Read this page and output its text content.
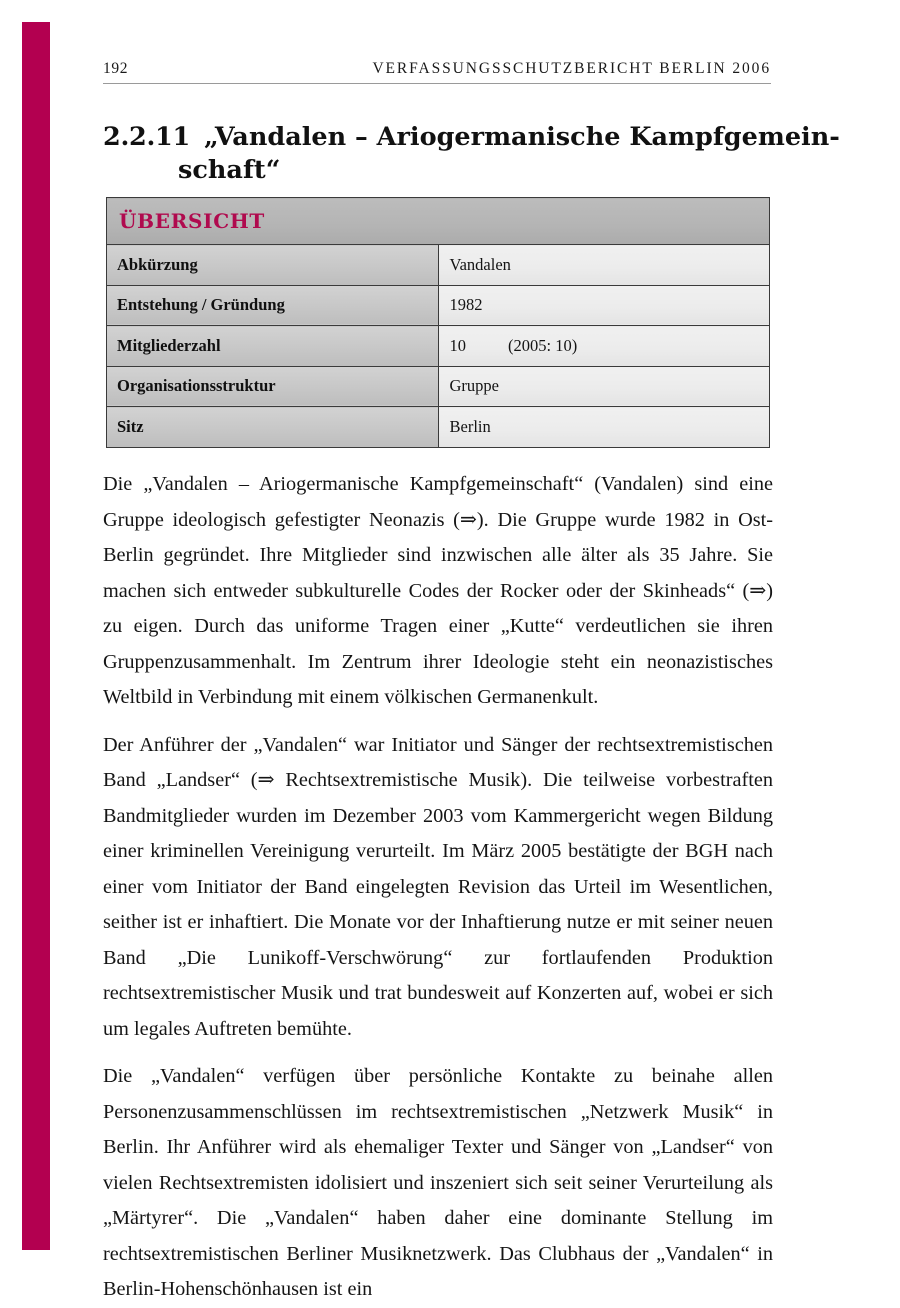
192	VERFASSUNGSSCHUTZBERICHT BERLIN 2006
2.2.11 „Vandalen – Ariogermanische Kampfgemein-schaft“
ÜBERSICHT	
Abkürzung	Vandalen
Entstehung / Gründung	1982
Mitgliederzahl	10 (2005: 10)
Organisationsstruktur	Gruppe
Sitz	Berlin

Die „Vandalen – Ariogermanische Kampfgemeinschaft“ (Vandalen) sind eine Gruppe ideologisch gefestigter Neonazis (⇒). Die Gruppe wurde 1982 in Ost-Berlin gegründet. Ihre Mitglieder sind inzwischen alle älter als 35 Jahre. Sie machen sich entweder subkulturelle Codes der Rocker oder der Skinheads“ (⇒) zu eigen. Durch das uniforme Tragen einer „Kutte“ verdeutlichen sie ihren Gruppenzusammenhalt. Im Zentrum ihrer Ideologie steht ein neonazistisches Weltbild in Verbindung mit einem völkischen Germanenkult.

Der Anführer der „Vandalen“ war Initiator und Sänger der rechtsextremistischen Band „Landser“ (⇒ Rechtsextremistische Musik). Die teilweise vorbestraften Bandmitglieder wurden im Dezember 2003 vom Kammergericht wegen Bildung einer kriminellen Vereinigung verurteilt. Im März 2005 bestätigte der BGH nach einer vom Initiator der Band eingelegten Revision das Urteil im Wesentlichen, seither ist er inhaftiert. Die Monate vor der Inhaftierung nutze er mit seiner neuen Band „Die Lunikoff-Verschwörung“ zur fortlaufenden Produktion rechtsextremistischer Musik und trat bundesweit auf Konzerten auf, wobei er sich um legales Auftreten bemühte.

Die „Vandalen“ verfügen über persönliche Kontakte zu beinahe allen Personenzusammenschlüssen im rechtsextremistischen „Netzwerk Musik“ in Berlin. Ihr Anführer wird als ehemaliger Texter und Sänger von „Landser“ von vielen Rechtsextremisten idolisiert und inszeniert sich seit seiner Verurteilung als „Märtyrer“. Die „Vandalen“ haben daher eine dominante Stellung im rechtsextremistischen Berliner Musiknetzwerk. Das Clubhaus der „Vandalen“ in Berlin-Hohenschönhausen ist ein
